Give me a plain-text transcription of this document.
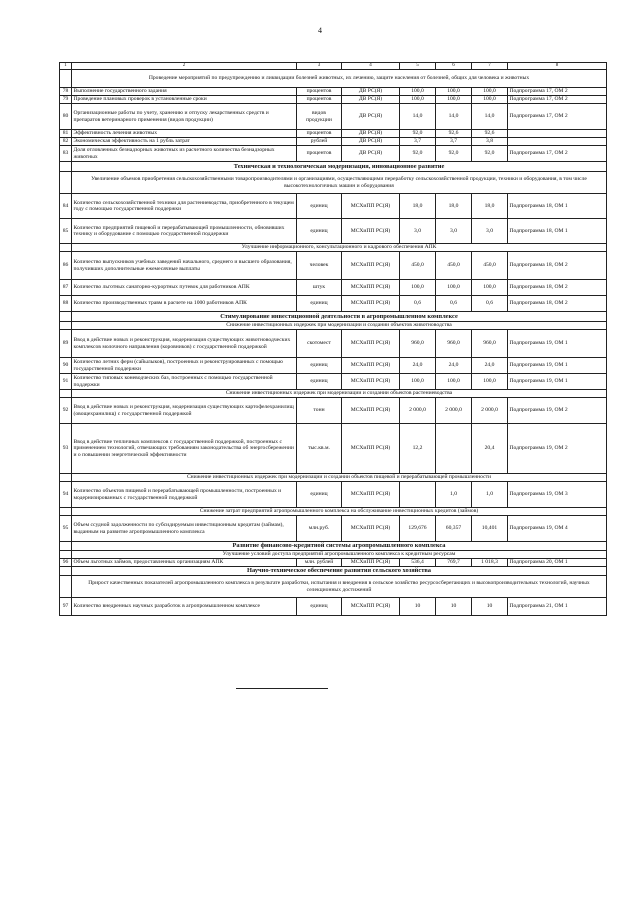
4
1	2	3	4	5	6	7	8
	Проведение мероприятий по предупреждению и ликвидации болезней животных, их лечению, защите населения от болезней, общих для человека и животных						
78	Выполнение государственного задания	процентов	ДВ РС(Я)	100,0	100,0	100,0	Подпрограмма 17, ОМ 2
79	Проведение плановых проверок в установленные сроки	процентов	ДВ РС(Я)	100,0	100,0	100,0	Подпрограмма 17, ОМ 2
80	Организационные работы по учету, хранению и отпуску лекарственных средств и препаратов ветеринарного применения (видов продукции)	видов продукции	ДВ РС(Я)	14,0	14,0	14,0	Подпрограмма 17, ОМ 2
81	Эффективность лечения животных	процентов	ДВ РС(Я)	92,0	92,6	92,6	
82	Экономическая эффективность на 1 рубль затрат	рублей	ДВ РС(Я)	3,7	3,7	3,8	
83	Доля отловленных безнадзорных животных из расчетного количества безнадзорных животных	процентов	ДВ РС(Я)	92,0	92,0	92,0	Подпрограмма 17, ОМ 2
	Техническая и технологическая модернизация, инновационное развитие						
	Увеличение объемов приобретения сельскохозяйственными товаропроизводителями и организациями, осуществляющими переработку сельскохозяйственной продукции, техники и оборудования, в том числе высокотехнологичных машин и оборудования						
84	Количество сельскохозяйственной техники для растениеводства, приобретенного в текущем году с помощью государственной поддержки	единиц	МСХиПП РС(Я)	18,0	18,0	18,0	Подпрограмма 18, ОМ 1
85	Количество предприятий пищевой и перерабатывающей промышленности, обновивших технику и оборудование с помощью государственной поддержки	единиц	МСХиПП РС(Я)	3,0	3,0	3,0	Подпрограмма 18, ОМ 1
	Улучшение информационного, консультационного и кадрового обеспечения АПК						
86	Количество выпускников учебных заведений начального, среднего и высшего образования, получивших дополнительные ежемесячные выплаты	человек	МСХиПП РС(Я)	450,0	450,0	450,0	Подпрограмма 18, ОМ 2
87	Количество льготных санаторно-курортных путевок для работников АПК	штук	МСХиПП РС(Я)	100,0	100,0	100,0	Подпрограмма 18, ОМ 2
88	Количество производственных травм в расчете на 1000 работников АПК	единиц	МСХиПП РС(Я)	0,6	0,6	0,6	Подпрограмма 18, ОМ 2
	Стимулирование инвестиционной деятельности в агропромышленном комплексе						
	Снижение инвестиционных издержек при модернизации и создании объектов животноводства						
89	Ввод в действие новых и реконструкция, модернизация существующих животноводческих комплексов молочного направления (коровников) с государственной поддержкой	скотомест	МСХиПП РС(Я)	960,0	960,0	960,0	Подпрограмма 19, ОМ 1
90	Количество летних ферм (сайылыков), построенных и реконструированных с помощью государственной поддержки	единиц	МСХиПП РС(Я)	24,0	24,0	24,0	Подпрограмма 19, ОМ 1
91	Количество типовых коневодческих баз, построенных с помощью государственной поддержки	единиц	МСХиПП РС(Я)	100,0	100,0	100,0	Подпрограмма 19, ОМ 1
	Снижение инвестиционных издержек при модернизации и создании объектов растениеводства						
92	Ввод в действие новых и реконструкция, модернизация существующих картофелехранилищ (овощехранилищ) с государственной поддержкой	тонн	МСХиПП РС(Я)	2 000,0	2 000,0	2 000,0	Подпрограмма 19, ОМ 2
93	Ввод в действие тепличных комплексов с государственной поддержкой, построенных с применением технологий, отвечающих требованиям законодательства об энергосбережении и о повышении энергетической эффективности	тыс.кв.м.	МСХиПП РС(Я)	12,2		20,4	Подпрограмма 19, ОМ 2
	Снижение инвестиционных издержек при модернизации и создании объектов пищевой и перерабатывающей промышленности						
94	Количество объектов пищевой и перерабатывающей промышленности, построенных и модернизированных с государственной поддержкой	единиц	МСХиПП РС(Я)		1,0	1,0	Подпрограмма 19, ОМ 3
	Снижение затрат предприятий агропромышленного комплекса на обслуживание инвестиционных кредитов (займов)						
95	Объем ссудной задолженности по субсидируемым инвестиционным кредитам (займам), выданным на развитие агропромышленного комплекса	млн.руб.	МСХиПП РС(Я)	129,676	60,357	10,401	Подпрограмма 19, ОМ 4
	Развитие финансово-кредитной системы агропромышленного комплекса						
	Улучшение условий доступа предприятий агропромышленного комплекса к кредитным ресурсам						
96	Объем льготных займов, предоставленных организациям АПК	млн. рублей	МСХиПП РС(Я)	536,4	769,7	1 018,3	Подпрограмма 20, ОМ 1
	Научно-техническое обеспечение развития сельского хозяйства						
	Прирост качественных показателей агропромышленного комплекса в результате разработки, испытания и внедрения в сельское хозяйство ресурсосберегающих и высокопроизводительных технологий, научных селекционных достижений						
97	Количество внедренных научных разработок в агропромышленном комплексе	единиц	МСХиПП РС(Я)	10	10	10	Подпрограмма 21, ОМ 1
